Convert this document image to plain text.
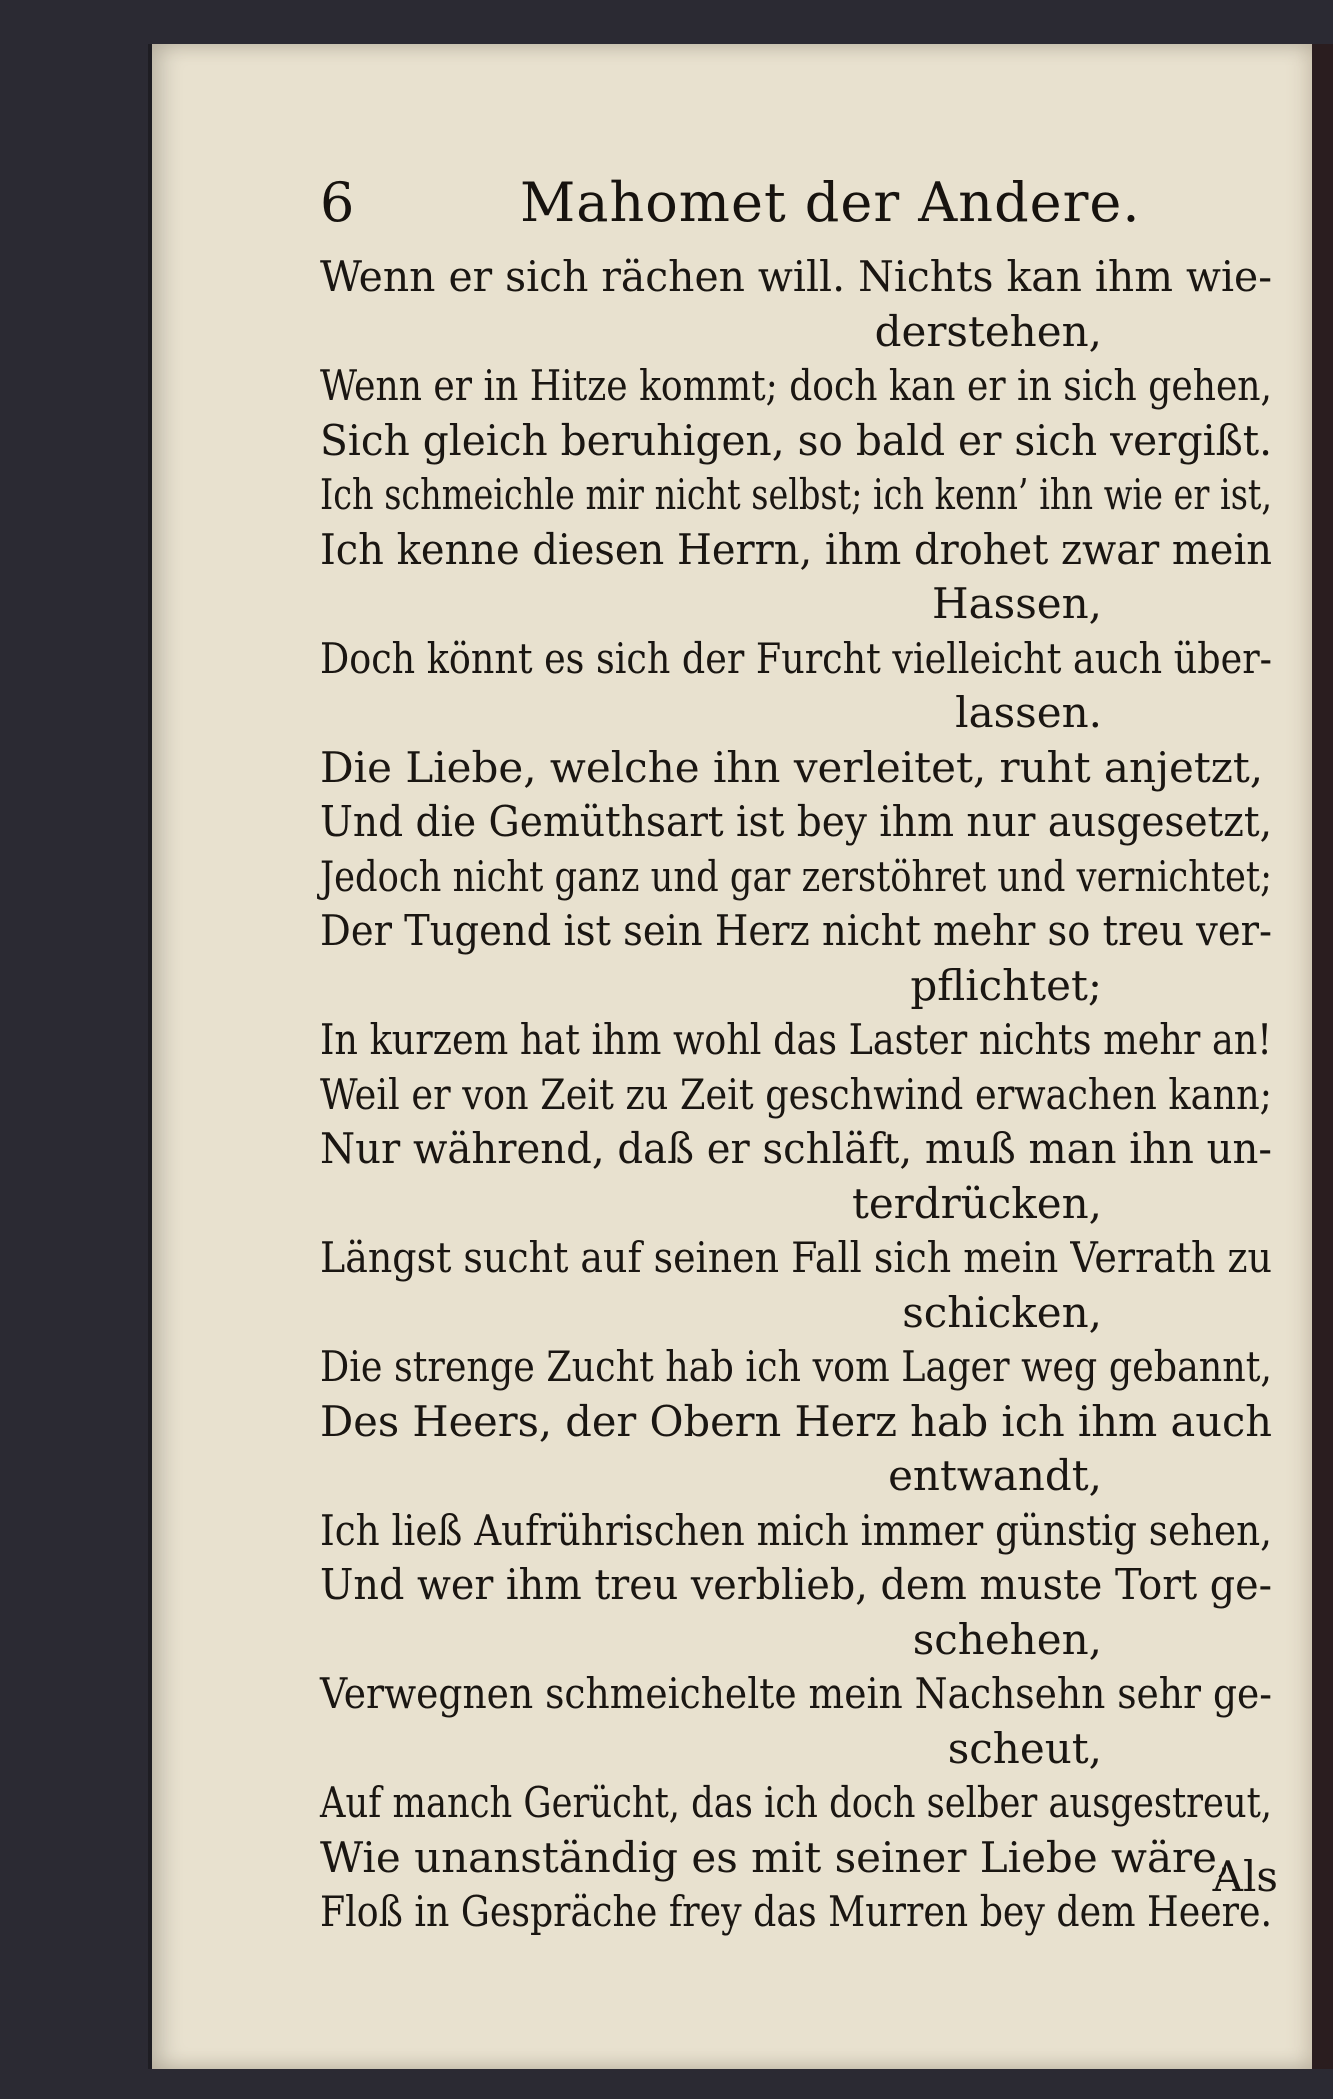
6	Mahomet der Andere.
Wenn er sich rächen will. Nichts kan ihm wie-
derstehen,
Wenn er in Hitze kommt; doch kan er in sich gehen,
Sich gleich beruhigen, so bald er sich vergißt.
Ich schmeichle mir nicht selbst; ich kenn’ ihn wie er ist,
Ich kenne diesen Herrn, ihm drohet zwar mein
Hassen,
Doch könnt es sich der Furcht vielleicht auch über-
lassen.
Die Liebe, welche ihn verleitet, ruht anjetzt,
Und die Gemüthsart ist bey ihm nur ausgesetzt,
Jedoch nicht ganz und gar zerstöhret und vernichtet;
Der Tugend ist sein Herz nicht mehr so treu ver-
pflichtet;
In kurzem hat ihm wohl das Laster nichts mehr an!
Weil er von Zeit zu Zeit geschwind erwachen kann;
Nur während, daß er schläft, muß man ihn un-
terdrücken,
Längst sucht auf seinen Fall sich mein Verrath zu
schicken,
Die strenge Zucht hab ich vom Lager weg gebannt,
Des Heers, der Obern Herz hab ich ihm auch
entwandt,
Ich ließ Aufrührischen mich immer günstig sehen,
Und wer ihm treu verblieb, dem muste Tort ge-
schehen,
Verwegnen schmeichelte mein Nachsehn sehr ge-
scheut,
Auf manch Gerücht, das ich doch selber ausgestreut,
Wie unanständig es mit seiner Liebe wäre,
Floß in Gespräche frey das Murren bey dem Heere.
Als
